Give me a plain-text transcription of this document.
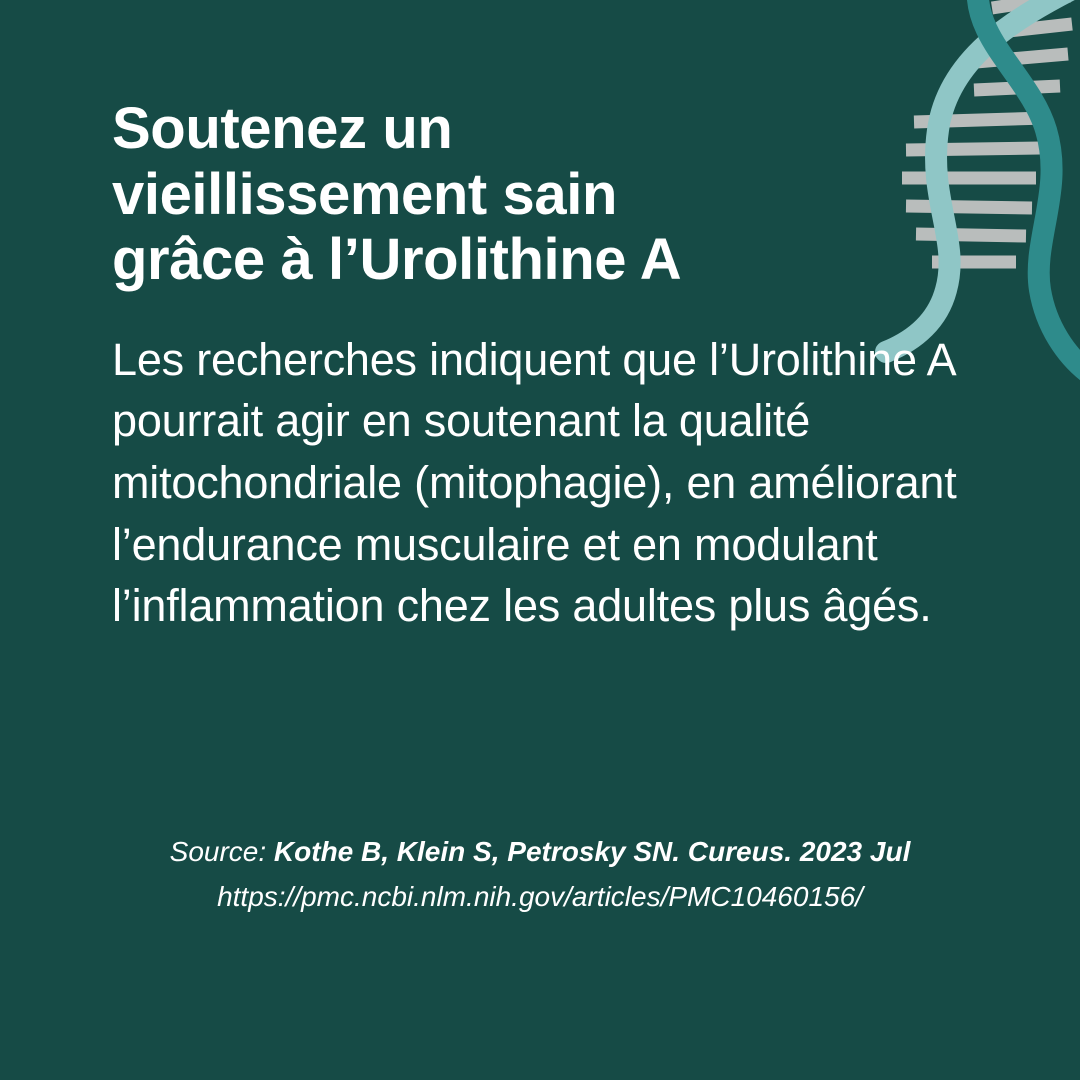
Soutenez un vieillissement sain grâce à l’Urolithine A

Les recherches indiquent que l’Urolithine A pourrait agir en soutenant la qualité mitochondriale (mitophagie), en améliorant l’endurance musculaire et en modulant l’inflammation chez les adultes plus âgés.

Source: Kothe B, Klein S, Petrosky SN. Cureus. 2023 Jul

https://pmc.ncbi.nlm.nih.gov/articles/PMC10460156/
